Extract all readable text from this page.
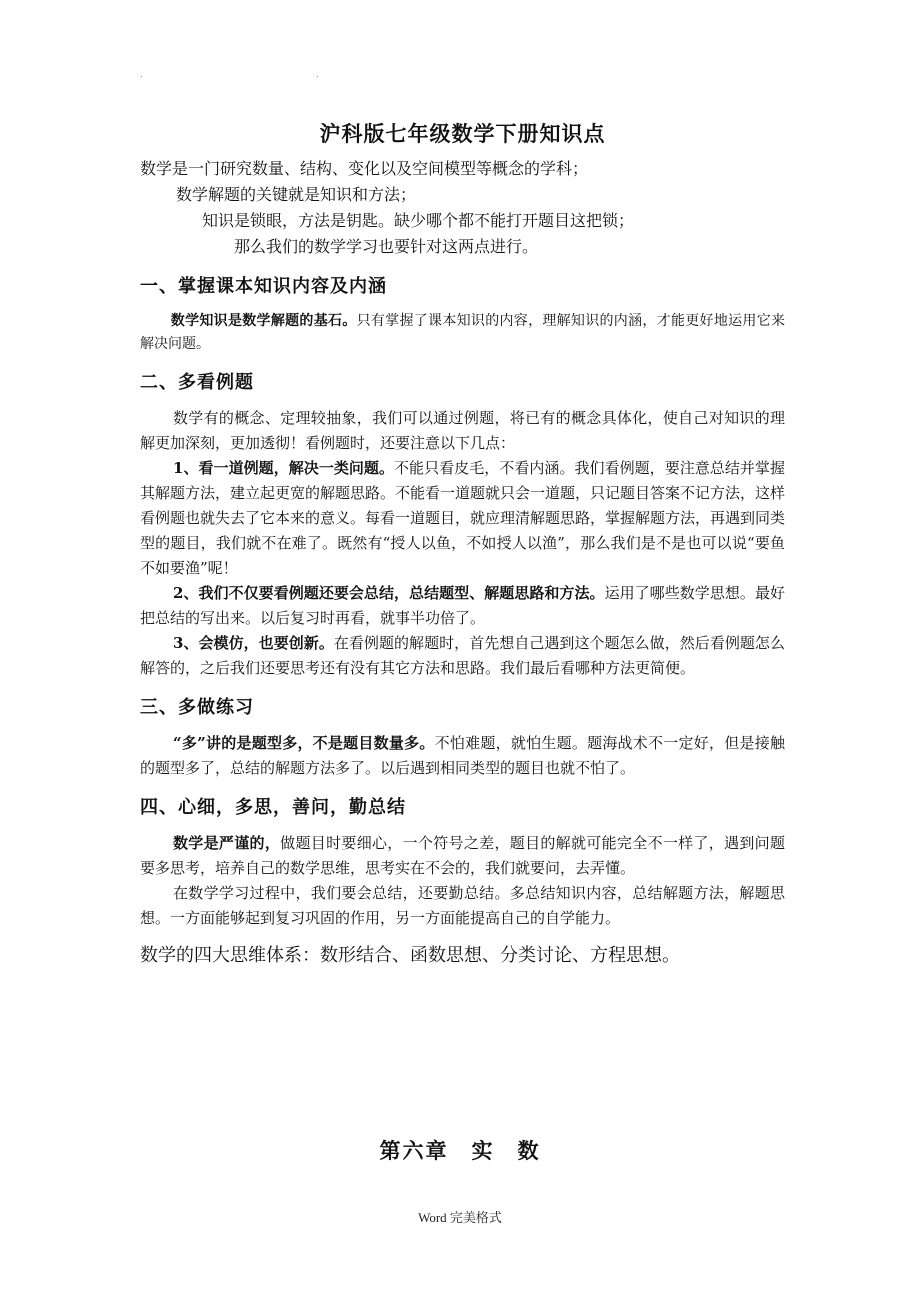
.	.
沪科版七年级数学下册知识点

数学是一门研究数量、结构、变化以及空间模型等概念的学科；

数学解题的关键就是知识和方法；

知识是锁眼，方法是钥匙。缺少哪个都不能打开题目这把锁；

那么我们的数学学习也要针对这两点进行。

一、掌握课本知识内容及内涵

数学知识是数学解题的基石。只有掌握了课本知识的内容，理解知识的内涵，才能更好地运用它来解决问题。

二、多看例题

数学有的概念、定理较抽象，我们可以通过例题，将已有的概念具体化，使自己对知识的理解更加深刻，更加透彻！看例题时，还要注意以下几点：

1、看一道例题，解决一类问题。不能只看皮毛，不看内涵。我们看例题，要注意总结并掌握其解题方法，建立起更宽的解题思路。不能看一道题就只会一道题，只记题目答案不记方法，这样看例题也就失去了它本来的意义。每看一道题目，就应理清解题思路，掌握解题方法，再遇到同类型的题目，我们就不在难了。既然有“授人以鱼，不如授人以渔”，那么我们是不是也可以说“要鱼不如要渔”呢！

2、我们不仅要看例题还要会总结，总结题型、解题思路和方法。运用了哪些数学思想。最好把总结的写出来。以后复习时再看，就事半功倍了。

3、会模仿，也要创新。在看例题的解题时，首先想自己遇到这个题怎么做，然后看例题怎么解答的，之后我们还要思考还有没有其它方法和思路。我们最后看哪种方法更简便。

三、多做练习

“多”讲的是题型多，不是题目数量多。不怕难题，就怕生题。题海战术不一定好，但是接触的题型多了，总结的解题方法多了。以后遇到相同类型的题目也就不怕了。

四、心细，多思，善问，勤总结

数学是严谨的，做题目时要细心，一个符号之差，题目的解就可能完全不一样了，遇到问题要多思考，培养自己的数学思维，思考实在不会的，我们就要问，去弄懂。

在数学学习过程中，我们要会总结，还要勤总结。多总结知识内容，总结解题方法，解题思想。一方面能够起到复习巩固的作用，另一方面能提高自己的自学能力。

数学的四大思维体系：数形结合、函数思想、分类讨论、方程思想。

第六章　实　数
Word 完美格式
